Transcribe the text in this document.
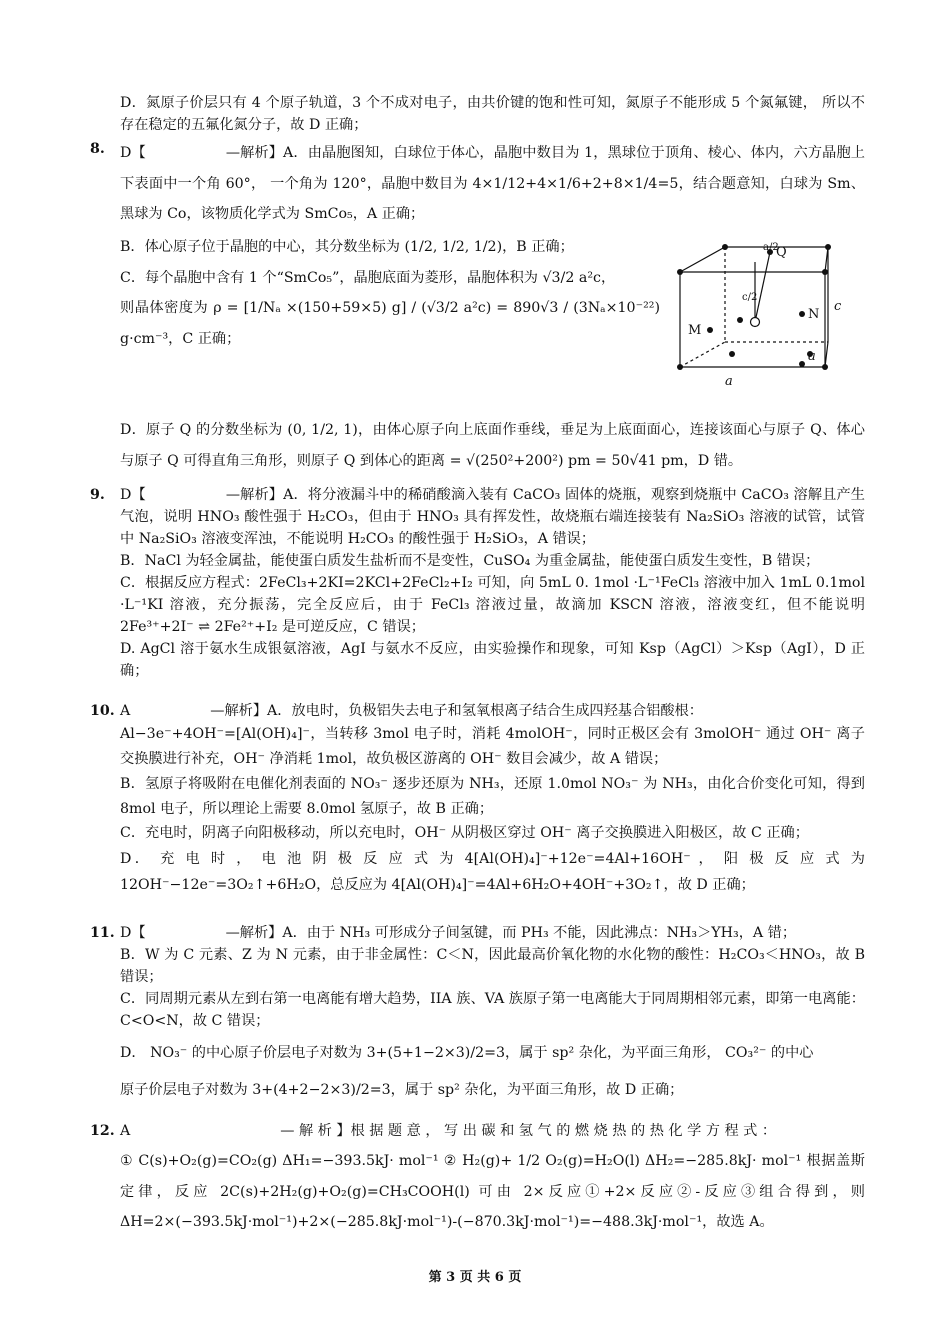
D．氮原子价层只有 4 个原子轨道，3 个不成对电子，由共价键的饱和性可知，氮原子不能形成 5 个氮氟键， 所以不存在稳定的五氟化氮分子，故 D 正确；

8. D【	—解析】A．由晶胞图知，白球位于体心，晶胞中数目为 1，黑球位于顶角、棱心、体内，六方晶胞上下表面中一个角 60°， 一个角为 120°，晶胞中数目为 4×1/12+4×1/6+2+8×1/4=5，结合题意知，白球为 Sm、黑球为 Co，该物质化学式为 SmCo₅，A 正确；

B．体心原子位于晶胞的中心，其分数坐标为 (1/2, 1/2, 1/2)，B 正确；

C．每个晶胞中含有 1 个“SmCo₅”，晶胞底面为菱形，晶胞体积为 √3/2 a²c，

则晶体密度为 ρ = [1/Nₐ ×(150+59×5) g] / (√3/2 a²c) = 890√3 / (3Nₐ×10⁻²²) g·cm⁻³，C 正确；

Q
N
M
a/2
c/2
c
a
a

D．原子 Q 的分数坐标为 (0, 1/2, 1)，由体心原子向上底面作垂线，垂足为上底面面心，连接该面心与原子 Q、体心与原子 Q 可得直角三角形，则原子 Q 到体心的距离 = √(250²+200²) pm = 50√41 pm，D 错。

9. D【	—解析】A．将分液漏斗中的稀硝酸滴入装有 CaCO₃ 固体的烧瓶，观察到烧瓶中 CaCO₃ 溶解且产生气泡，说明 HNO₃ 酸性强于 H₂CO₃，但由于 HNO₃ 具有挥发性，故烧瓶右端连接装有 Na₂SiO₃ 溶液的试管，试管中 Na₂SiO₃ 溶液变浑浊，不能说明 H₂CO₃ 的酸性强于 H₂SiO₃，A 错误；

B．NaCl 为轻金属盐，能使蛋白质发生盐析而不是变性，CuSO₄ 为重金属盐，能使蛋白质发生变性，B 错误；

C．根据反应方程式：2FeCl₃+2KI=2KCl+2FeCl₂+I₂ 可知，向 5mL 0. 1mol ·L⁻¹FeCl₃ 溶液中加入 1mL 0.1mol ·L⁻¹KI 溶液，充分振荡，完全反应后，由于 FeCl₃ 溶液过量，故滴加 KSCN 溶液，溶液变红，但不能说明 2Fe³⁺+2I⁻ ⇌ 2Fe²⁺+I₂ 是可逆反应，C 错误；

D. AgCl 溶于氨水生成银氨溶液，AgI 与氨水不反应，由实验操作和现象，可知 Ksp（AgCl）＞Ksp（AgI），D 正确；

10. A	—解析】A．放电时，负极铝失去电子和氢氧根离子结合生成四羟基合铝酸根：

Al−3e⁻+4OH⁻=[Al(OH)₄]⁻，当转移 3mol 电子时，消耗 4molOH⁻，同时正极区会有 3molOH⁻ 通过 OH⁻ 离子交换膜进行补充，OH⁻ 净消耗 1mol，故负极区游离的 OH⁻ 数目会减少，故 A 错误；

B．氢原子将吸附在电催化剂表面的 NO₃⁻ 逐步还原为 NH₃，还原 1.0mol NO₃⁻ 为 NH₃，由化合价变化可知，得到 8mol 电子，所以理论上需要 8.0mol 氢原子，故 B 正确；

C．充电时，阴离子向阳极移动，所以充电时，OH⁻ 从阴极区穿过 OH⁻ 离子交换膜进入阳极区，故 C 正确；

D． 充 电 时 ， 电 池 阴 极 反 应 式 为 4[Al(OH)₄]⁻+12e⁻=4Al+16OH⁻ ， 阳 极 反 应 式 为 12OH⁻−12e⁻=3O₂↑+6H₂O，总反应为 4[Al(OH)₄]⁻=4Al+6H₂O+4OH⁻+3O₂↑，故 D 正确；

11. D【	—解析】A．由于 NH₃ 可形成分子间氢键，而 PH₃ 不能，因此沸点：NH₃＞YH₃，A 错；

B．W 为 C 元素、Z 为 N 元素，由于非金属性：C＜N，因此最高价氧化物的水化物的酸性：H₂CO₃＜HNO₃，故 B 错误；

C．同周期元素从左到右第一电离能有增大趋势，IIA 族、VA 族原子第一电离能大于同周期相邻元素，即第一电离能：C<O<N，故 C 错误；

D． NO₃⁻ 的中心原子价层电子对数为 3+(5+1−2×3)/2=3，属于 sp² 杂化，为平面三角形， CO₃²⁻ 的中心

原子价层电子对数为 3+(4+2−2×3)/2=3，属于 sp² 杂化，为平面三角形，故 D 正确；

12. A	— 解 析 】根 据 题 意 ， 写 出 碳 和 氢 气 的 燃 烧 热 的 热 化 学 方 程 式 ：

① C(s)+O₂(g)=CO₂(g) ΔH₁=−393.5kJ· mol⁻¹ ② H₂(g)+ 1/2 O₂(g)=H₂O(l) ΔH₂=−285.8kJ· mol⁻¹ 根据盖斯定律，反应 2C(s)+2H₂(g)+O₂(g)=CH₃COOH(l) 可由 2×反应①+2×反应②-反应③组合得到，则 ΔH=2×(−393.5kJ·mol⁻¹)+2×(−285.8kJ·mol⁻¹)-(−870.3kJ·mol⁻¹)=−488.3kJ·mol⁻¹，故选 A。

第 3 页 共 6 页
